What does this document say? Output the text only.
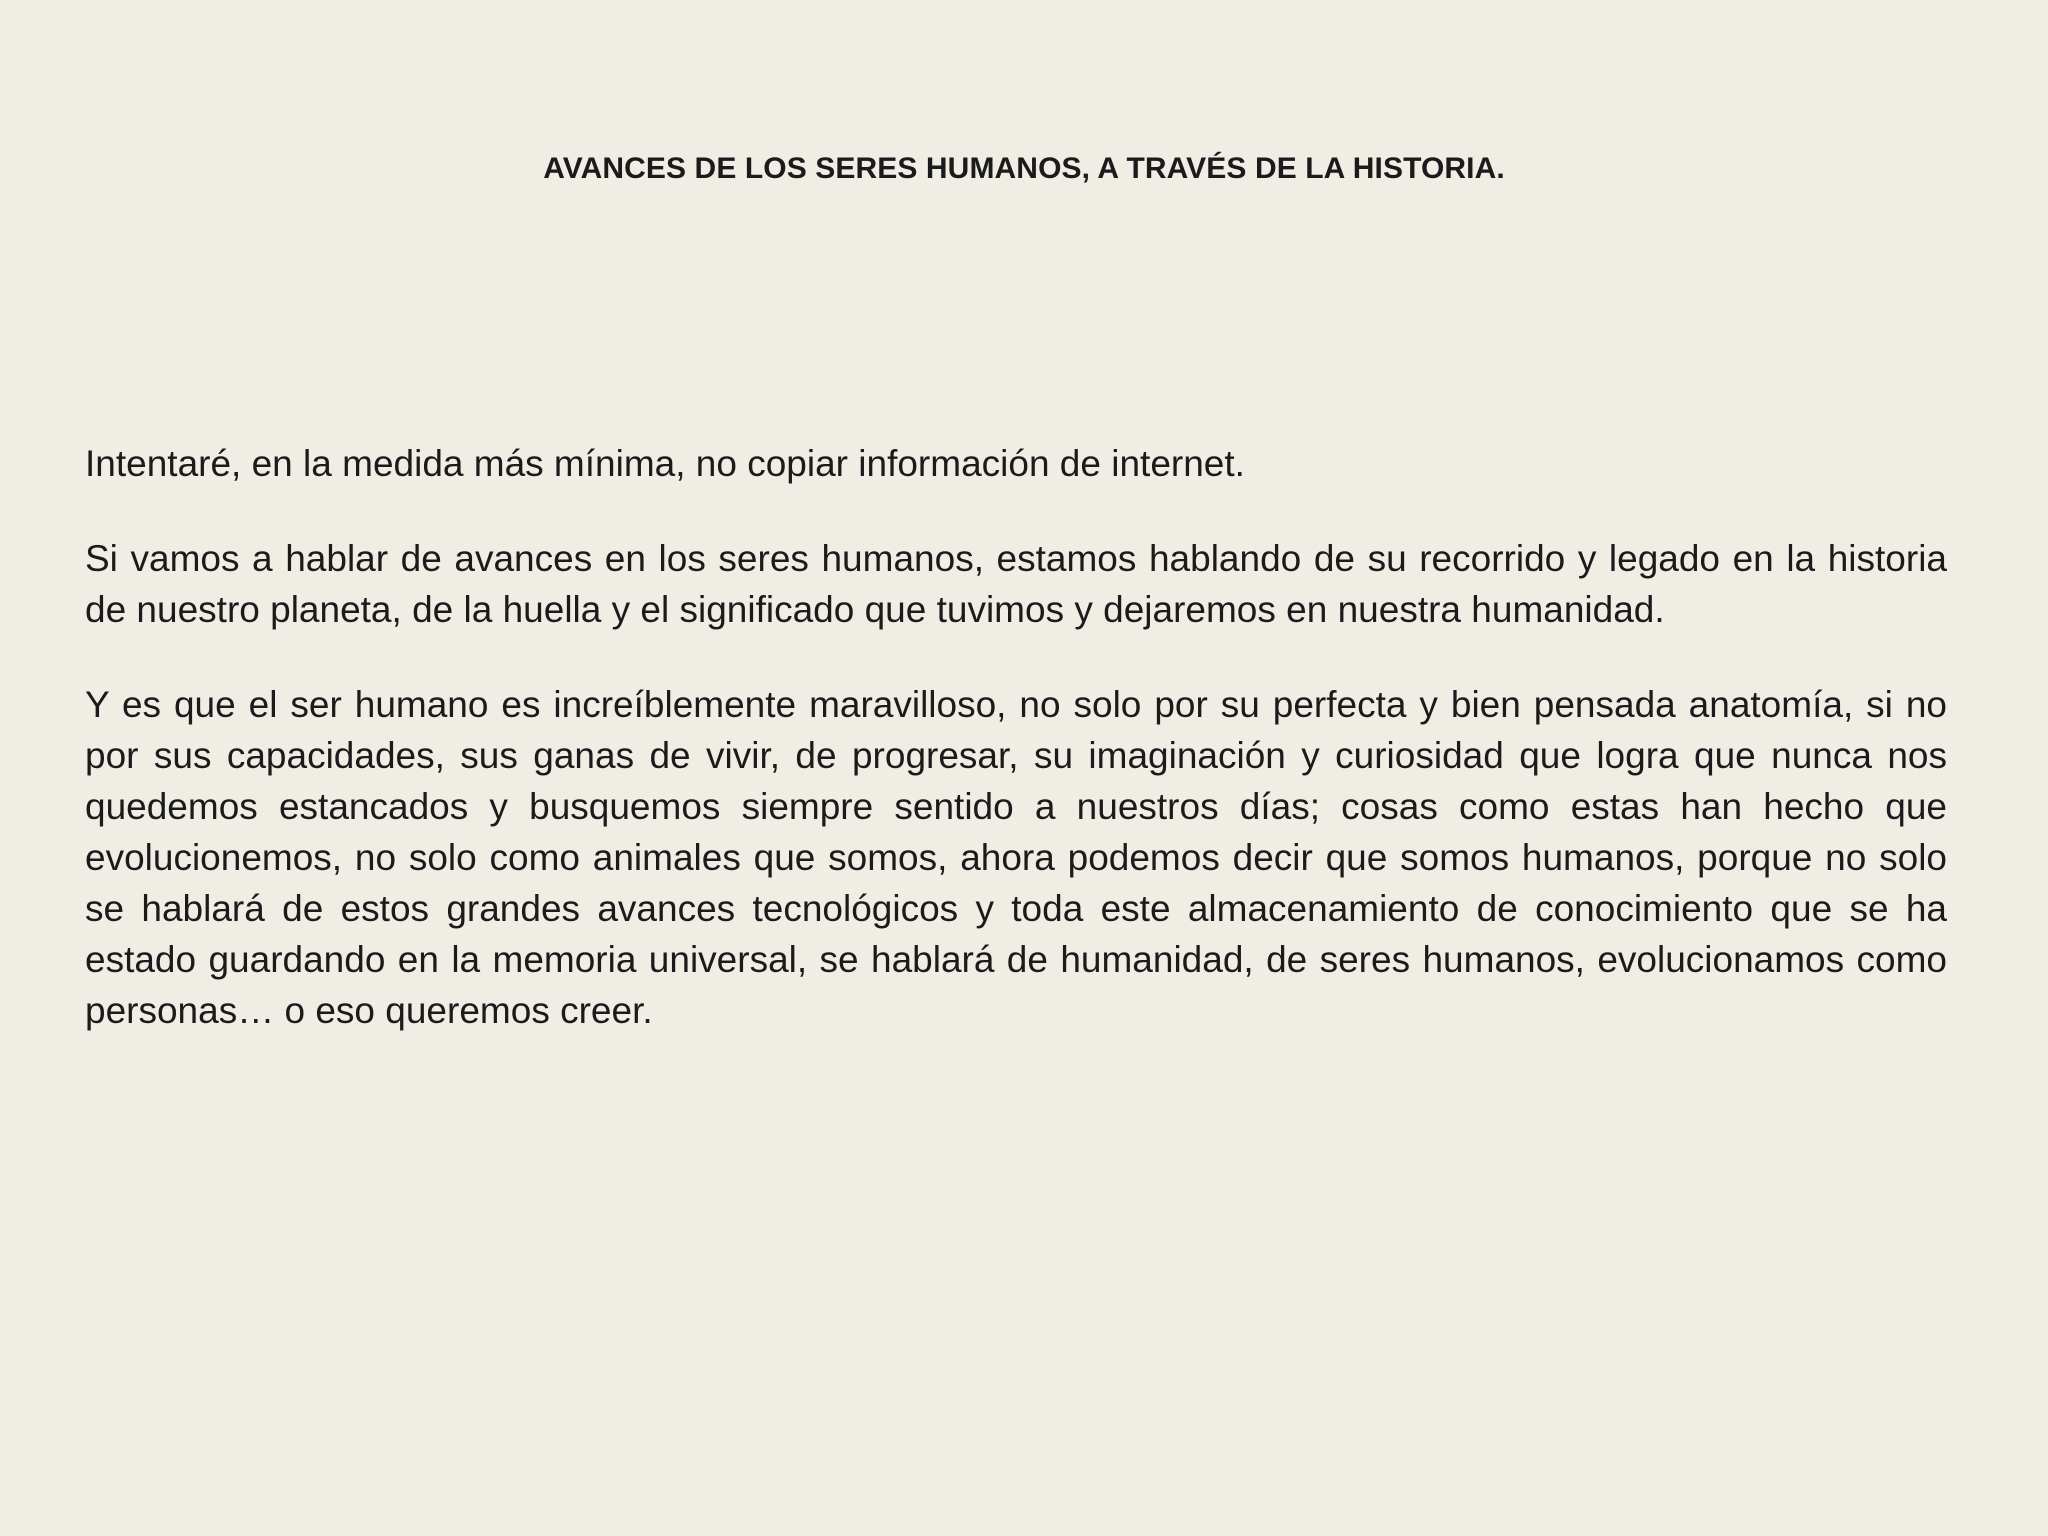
AVANCES DE LOS SERES HUMANOS, A TRAVÉS DE LA HISTORIA.

Intentaré, en la medida más mínima, no copiar información de internet.

Si vamos a hablar de avances en los seres humanos, estamos hablando de su recorrido y legado en la historia de nuestro planeta, de la huella y el significado que tuvimos y dejaremos en nuestra humanidad.

Y es que el ser humano es increíblemente maravilloso, no solo por su perfecta y bien pensada anatomía, si no por sus capacidades, sus ganas de vivir, de progresar, su imaginación y curiosidad que logra que nunca nos quedemos estancados y busquemos siempre sentido a nuestros días; cosas como estas han hecho que evolucionemos, no solo como animales que somos, ahora podemos decir que somos humanos, porque no solo se hablará de estos grandes avances tecnológicos y toda este almacenamiento de conocimiento que se ha estado guardando en la memoria universal, se hablará de humanidad, de seres humanos, evolucionamos como personas… o eso queremos creer.
